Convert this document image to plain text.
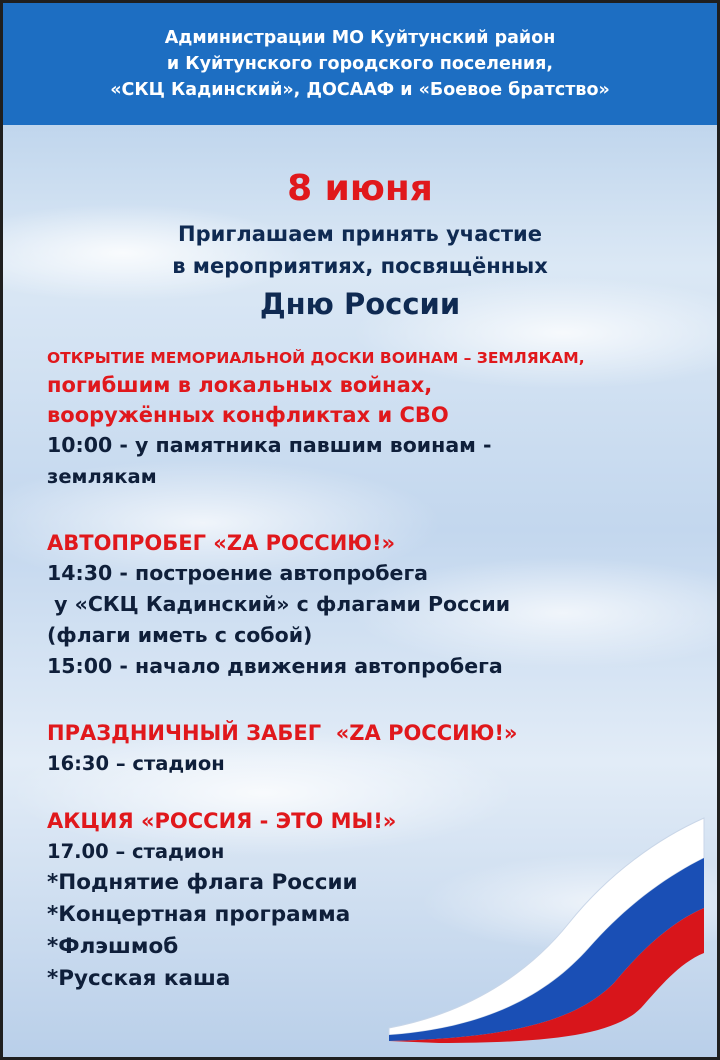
Администрации МО Куйтунский район
и Куйтунского городского поселения,
«СКЦ Кадинский», ДОСААФ и «Боевое братство»
8 июня
Приглашаем принять участие
в мероприятиях, посвящённых
Дню России
ОТКРЫТИЕ МЕМОРИАЛЬНОЙ ДОСКИ ВОИНАМ – ЗЕМЛЯКАМ,
погибшим в локальных войнах,
вооружённых конфликтах и СВО
10:00 - у памятника павшим воинам -
землякам
АВТОПРОБЕГ «ZА РОССИЮ!»
14:30 - построение автопробега
у «СКЦ Кадинский» с флагами России
(флаги иметь с собой)
15:00 - начало движения автопробега
ПРАЗДНИЧНЫЙ ЗАБЕГ  «ZА РОССИЮ!»
16:30 – стадион
АКЦИЯ «РОССИЯ - ЭТО МЫ!»
17.00 – стадион
*Поднятие флага России
*Концертная программа
*Флэшмоб
*Русская каша
